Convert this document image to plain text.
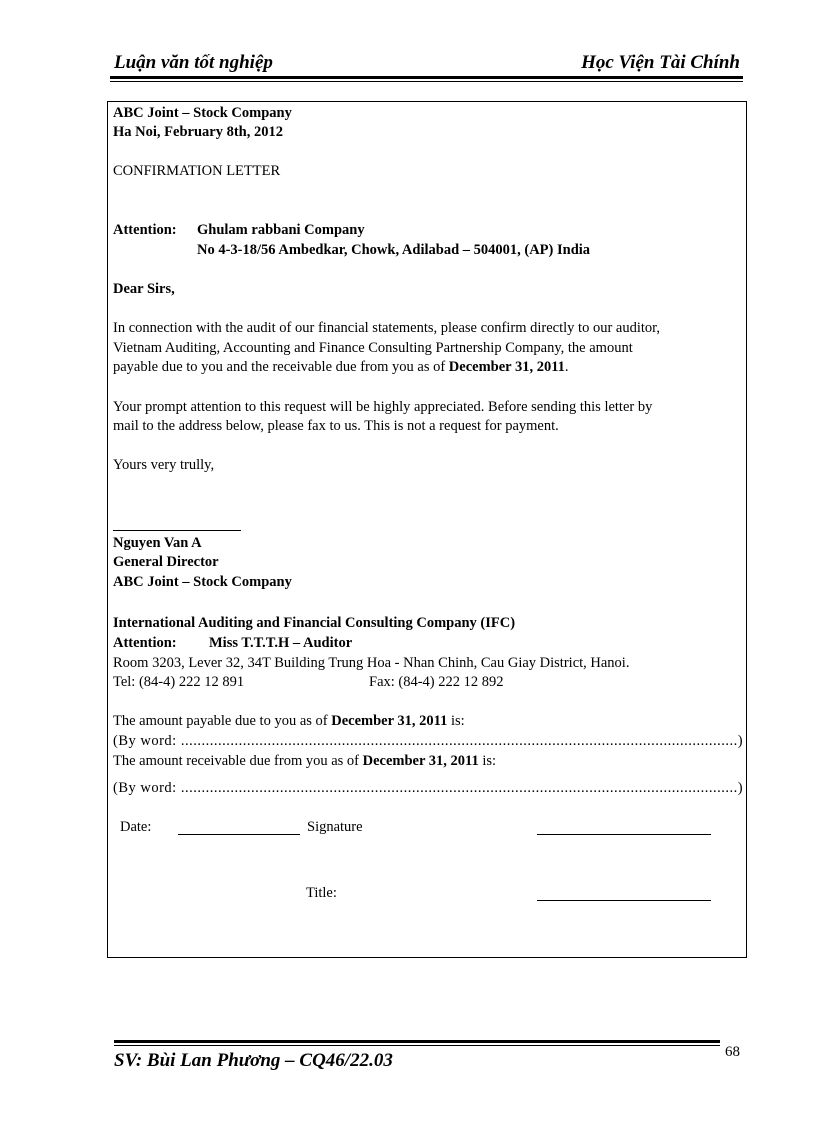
Luận văn tốt nghiệp	Học Viện Tài Chính
ABC Joint – Stock Company
Ha Noi, February 8th, 2012
CONFIRMATION LETTER
Attention: Ghulam rabbani Company
No 4-3-18/56 Ambedkar, Chowk, Adilabad – 504001, (AP) India
Dear Sirs,
In connection with the audit of our financial statements, please confirm directly to our auditor,
Vietnam Auditing, Accounting and Finance Consulting Partnership Company, the amount
payable due to you and the receivable due from you as of December 31, 2011.
Your prompt attention to this request will be highly appreciated. Before sending this letter by
mail to the address below, please fax to us. This is not a request for payment.
Yours very trully,
Nguyen Van A
General Director
ABC Joint – Stock Company
International Auditing and Financial Consulting Company (IFC)
Attention: Miss T.T.T.H – Auditor
Room 3203, Lever 32, 34T Building Trung Hoa - Nhan Chinh, Cau Giay District, Hanoi.
Tel: (84-4) 222 12 891	Fax: (84-4) 222 12 892
The amount payable due to you as of December 31, 2011 is:
(By word: .......................................................................................................................................)
The amount receivable due from you as of December 31, 2011 is:
(By word: .......................................................................................................................................)
Date:	Signature
Title:
SV: Bùi Lan Phương – CQ46/22.03	68
